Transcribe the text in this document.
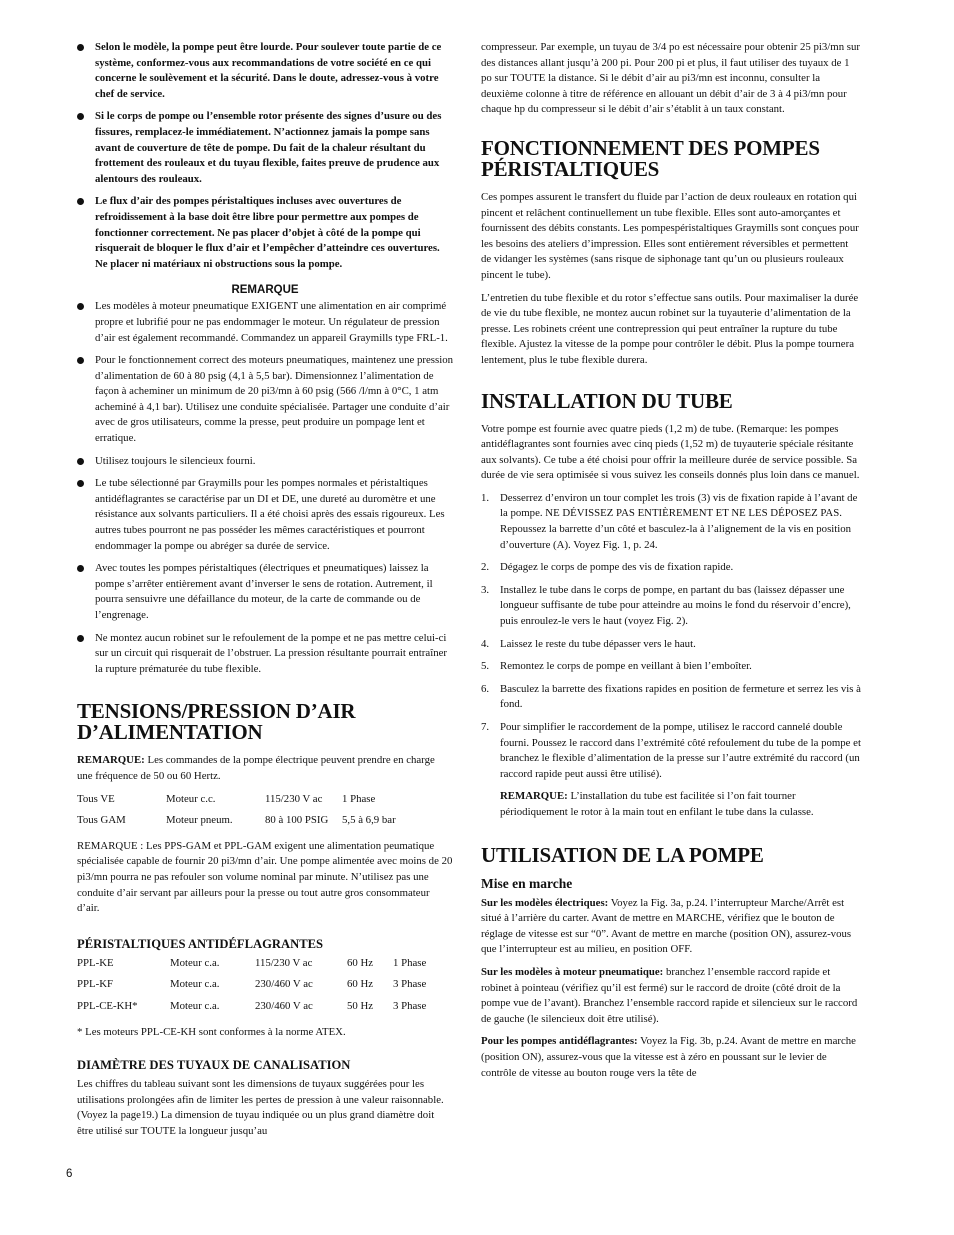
Selon le modèle, la pompe peut être lourde. Pour soulever toute partie de ce système, conformez-vous aux recommandations de votre société en ce qui concerne le soulèvement et la sécurité. Dans le doute, adressez-vous à votre chef de service.
Si le corps de pompe ou l’ensemble rotor présente des signes d’usure ou des fissures, remplacez-le immédiatement. N’actionnez jamais la pompe sans avant de couverture de tête de pompe. Du fait de la chaleur résultant du frottement des rouleaux et du tuyau flexible, faites preuve de prudence aux alentours des rouleaux.
Le flux d’air des pompes péristaltiques incluses avec ouvertures de refroidissement à la base doit être libre pour permettre aux pompes de fonctionner correctement. Ne pas placer d’objet à côté de la pompe qui risquerait de bloquer le flux d’air et l’empêcher d’atteindre ces ouvertures. Ne placer ni matériaux ni obstructions sous la pompe.
REMARQUE
Les modèles à moteur pneumatique EXIGENT une alimentation en air comprimé propre et lubrifié pour ne pas endommager le moteur. Un régulateur de pression d’air est également recommandé. Commandez un appareil Graymills type FRL-1.
Pour le fonctionnement correct des moteurs pneumatiques, maintenez une pression d’alimentation de 60 à 80 psig (4,1 à 5,5 bar). Dimensionnez l’alimentation de façon à acheminer un minimum de 20 pi3/mn à 60 psig (566 /l/mn à 0°C, 1 atm acheminé à 4,1 bar). Utilisez une conduite spécialisée. Partager une conduite d’air avec de gros utilisateurs, comme la presse, peut produire un pompage lent et erratique.
Utilisez toujours le silencieux fourni.
Le tube sélectionné par Graymills pour les pompes normales et péristaltiques antidéflagrantes se caractérise par un DI et DE, une dureté au duromètre et une résistance aux solvants particuliers. Il a été choisi après des essais rigoureux. Les autres tubes pourront ne pas posséder les mêmes caractéristiques et pourront endommager la pompe ou abréger sa durée de service.
Avec toutes les pompes péristaltiques (électriques et pneumatiques) laissez la pompe s’arrêter entièrement avant d’inverser le sens de rotation. Autrement, il pourra sensuivre une défaillance du moteur, de la carte de commande ou de l’engrenage.
Ne montez aucun robinet sur le refoulement de la pompe et ne pas mettre celui-ci sur un circuit qui risquerait de l’obstruer. La pression résultante pourrait entraîner la rupture prématurée du tube flexible.
TENSIONS/PRESSION D’AIR D’ALIMENTATION

REMARQUE: Les commandes de la pompe électrique peuvent prendre en charge une fréquence de 50 ou 60 Hertz.

Tous VE	Moteur c.c.	115/230 V ac	1 Phase
Tous GAM	Moteur pneum.	80 à 100 PSIG	5,5 à 6,9 bar

REMARQUE : Les PPS-GAM et PPL-GAM exigent une alimentation peumatique spécialisée capable de fournir 20 pi3/mn d’air. Une pompe alimentée avec moins de 20 pi3/mn pourra ne pas refouler son volume nominal par minute. N’utilisez pas une conduite d’air servant par ailleurs pour la presse ou tout autre gros consommateur d’air.

PÉRISTALTIQUES ANTIDÉFLAGRANTES
PPL-KE	Moteur c.a.	115/230 V ac	60 Hz	1 Phase
PPL-KF	Moteur c.a.	230/460 V ac	60 Hz	3 Phase
PPL-CE-KH*	Moteur c.a.	230/460 V ac	50 Hz	3 Phase

* Les moteurs PPL-CE-KH sont conformes à la norme ATEX.

DIAMÈTRE DES TUYAUX DE CANALISATION

Les chiffres du tableau suivant sont les dimensions de tuyaux suggérées pour les utilisations prolongées afin de limiter les pertes de pression à une valeur raisonnable. (Voyez la page19.) La dimension de tuyau indiquée ou un plus grand diamètre doit être utilisé sur TOUTE la longueur jusqu’au

compresseur. Par exemple, un tuyau de 3/4 po est nécessaire pour obtenir 25 pi3/mn sur des distances allant jusqu’à 200 pi. Pour 200 pi et plus, il faut utiliser des tuyaux de 1 po sur TOUTE la distance. Si le débit d’air au pi3/mn est inconnu, consulter la deuxième colonne à titre de référence en allouant un débit d’air de 3 à 4 pi3/mn pour chaque hp du compresseur si le débit d’air s’établit à un taux constant.

FONCTIONNEMENT DES POMPES PÉRISTALTIQUES

Ces pompes assurent le transfert du fluide par l’action de deux rouleaux en rotation qui pincent et relâchent continuellement un tube flexible. Elles sont auto-amorçantes et fournissent des débits constants. Les pompespéristaltiques Graymills sont conçues pour les besoins des ateliers d’impression. Elles sont entièrement réversibles et permettent de vidanger les systèmes (sans risque de siphonage tant qu’un ou plusieurs rouleaux pincent le tube).

L’entretien du tube flexible et du rotor s’effectue sans outils. Pour maximaliser la durée de vie du tube flexible, ne montez aucun robinet sur la tuyauterie d’alimentation de la presse. Les robinets créent une contrepression qui peut entraîner la rupture du tube flexible. Ajustez la vitesse de la pompe pour contrôler le débit. Plus la pompe tournera lentement, plus le tube flexible durera.

INSTALLATION DU TUBE

Votre pompe est fournie avec quatre pieds (1,2 m) de tube. (Remarque: les pompes antidéflagrantes sont fournies avec cinq pieds (1,52 m) de tuyauterie spéciale résitante aux solvants). Ce tube a été choisi pour offrir la meilleure durée de service possible. Sa durée de vie sera optimisée si vous suivez les conseils donnés plus loin dans ce manuel.

1. Desserrez d’environ un tour complet les trois (3) vis de fixation rapide à l’avant de la pompe. NE DÉVISSEZ PAS ENTIÈREMENT ET NE LES DÉPOSEZ PAS. Repoussez la barrette d’un côté et basculez-la à l’alignement de la vis en position d’ouverture (A). Voyez Fig. 1, p. 24.
2. Dégagez le corps de pompe des vis de fixation rapide.
3. Installez le tube dans le corps de pompe, en partant du bas (laissez dépasser une longueur suffisante de tube pour atteindre au moins le fond du réservoir d’encre), puis enroulez-le vers le haut (voyez Fig. 2).
4. Laissez le reste du tube dépasser vers le haut.
5. Remontez le corps de pompe en veillant à bien l’emboîter.
6. Basculez la barrette des fixations rapides en position de fermeture et serrez les vis à fond.
7. Pour simplifier le raccordement de la pompe, utilisez le raccord cannelé double fourni. Poussez le raccord dans l’extrémité côté refoulement du tube de la pompe et branchez le flexible d’alimentation de la presse sur l’autre extrémité du raccord (un raccord rapide peut aussi être utilisé).

REMARQUE: L’installation du tube est facilitée si l’on fait tourner périodiquement le rotor à la main tout en enfilant le tube dans la culasse.

UTILISATION DE LA POMPE
Mise en marche

Sur les modèles électriques: Voyez la Fig. 3a, p.24. l’interrupteur Marche/Arrêt est situé à l’arrière du carter. Avant de mettre en MARCHE, vérifiez que le bouton de réglage de vitesse est sur “0”. Avant de mettre en marche (position ON), assurez-vous que l’interrupteur est au milieu, en position OFF.

Sur les modèles à moteur pneumatique: branchez l’ensemble raccord rapide et robinet à pointeau (vérifiez qu’il est fermé) sur le raccord de droite (côté droit de la pompe vue de l’avant). Branchez l’ensemble raccord rapide et silencieux sur le raccord de gauche (le silencieux doit être utilisé).

Pour les pompes antidéflagrantes: Voyez la Fig. 3b, p.24. Avant de mettre en marche (position ON), assurez-vous que la vitesse est à zéro en poussant sur le levier de contrôle de vitesse au bouton rouge vers la tête de

6
